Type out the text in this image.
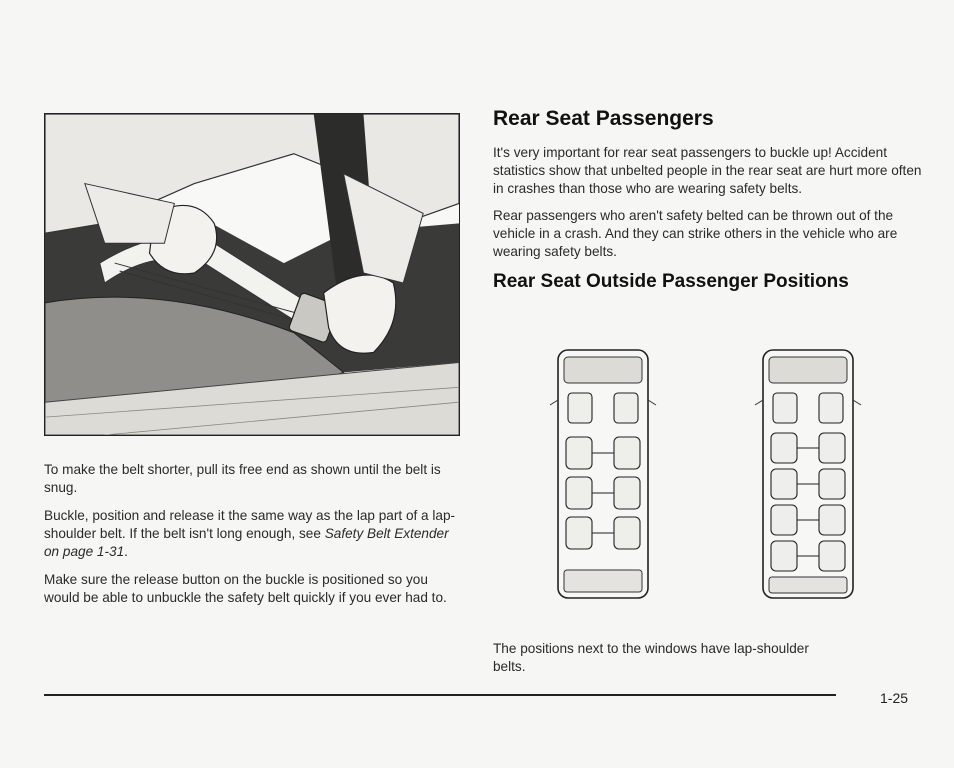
To make the belt shorter, pull its free end as shown until the belt is snug.

Buckle, position and release it the same way as the lap part of a lap-shoulder belt. If the belt isn't long enough, see Safety Belt Extender on page 1-31.

Make sure the release button on the buckle is positioned so you would be able to unbuckle the safety belt quickly if you ever had to.

Rear Seat Passengers

It's very important for rear seat passengers to buckle up! Accident statistics show that unbelted people in the rear seat are hurt more often in crashes than those who are wearing safety belts.

Rear passengers who aren't safety belted can be thrown out of the vehicle in a crash. And they can strike others in the vehicle who are wearing safety belts.

Rear Seat Outside Passenger Positions

The positions next to the windows have lap-shoulder belts.

1-25
